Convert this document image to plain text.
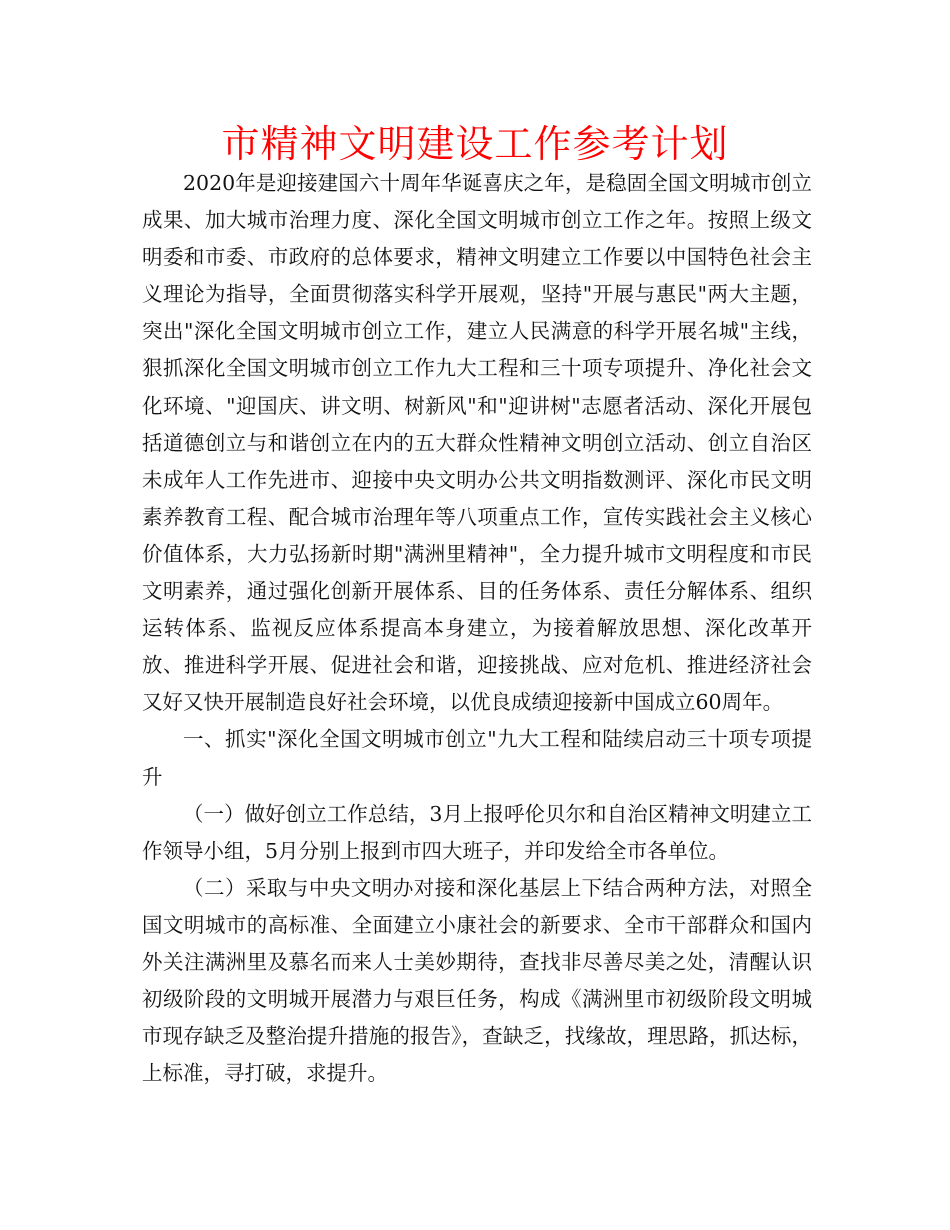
市精神文明建设工作参考计划

2020年是迎接建国六十周年华诞喜庆之年，是稳固全国文明城市创立成果、加大城市治理力度、深化全国文明城市创立工作之年。按照上级文明委和市委、市政府的总体要求，精神文明建立工作要以中国特色社会主义理论为指导，全面贯彻落实科学开展观，坚持"开展与惠民"两大主题，突出"深化全国文明城市创立工作，建立人民满意的科学开展名城"主线，狠抓深化全国文明城市创立工作九大工程和三十项专项提升、净化社会文化环境、"迎国庆、讲文明、树新风"和"迎讲树"志愿者活动、深化开展包括道德创立与和谐创立在内的五大群众性精神文明创立活动、创立自治区未成年人工作先进市、迎接中央文明办公共文明指数测评、深化市民文明素养教育工程、配合城市治理年等八项重点工作，宣传实践社会主义核心价值体系，大力弘扬新时期"满洲里精神"，全力提升城市文明程度和市民文明素养，通过强化创新开展体系、目的任务体系、责任分解体系、组织运转体系、监视反应体系提高本身建立，为接着解放思想、深化改革开放、推进科学开展、促进社会和谐，迎接挑战、应对危机、推进经济社会又好又快开展制造良好社会环境，以优良成绩迎接新中国成立60周年。

一、抓实"深化全国文明城市创立"九大工程和陆续启动三十项专项提升

（一）做好创立工作总结，3月上报呼伦贝尔和自治区精神文明建立工作领导小组，5月分别上报到市四大班子，并印发给全市各单位。

（二）采取与中央文明办对接和深化基层上下结合两种方法，对照全国文明城市的高标准、全面建立小康社会的新要求、全市干部群众和国内外关注满洲里及慕名而来人士美妙期待，查找非尽善尽美之处，清醒认识初级阶段的文明城开展潜力与艰巨任务，构成《满洲里市初级阶段文明城市现存缺乏及整治提升措施的报告》，查缺乏，找缘故，理思路，抓达标，上标准，寻打破，求提升。
